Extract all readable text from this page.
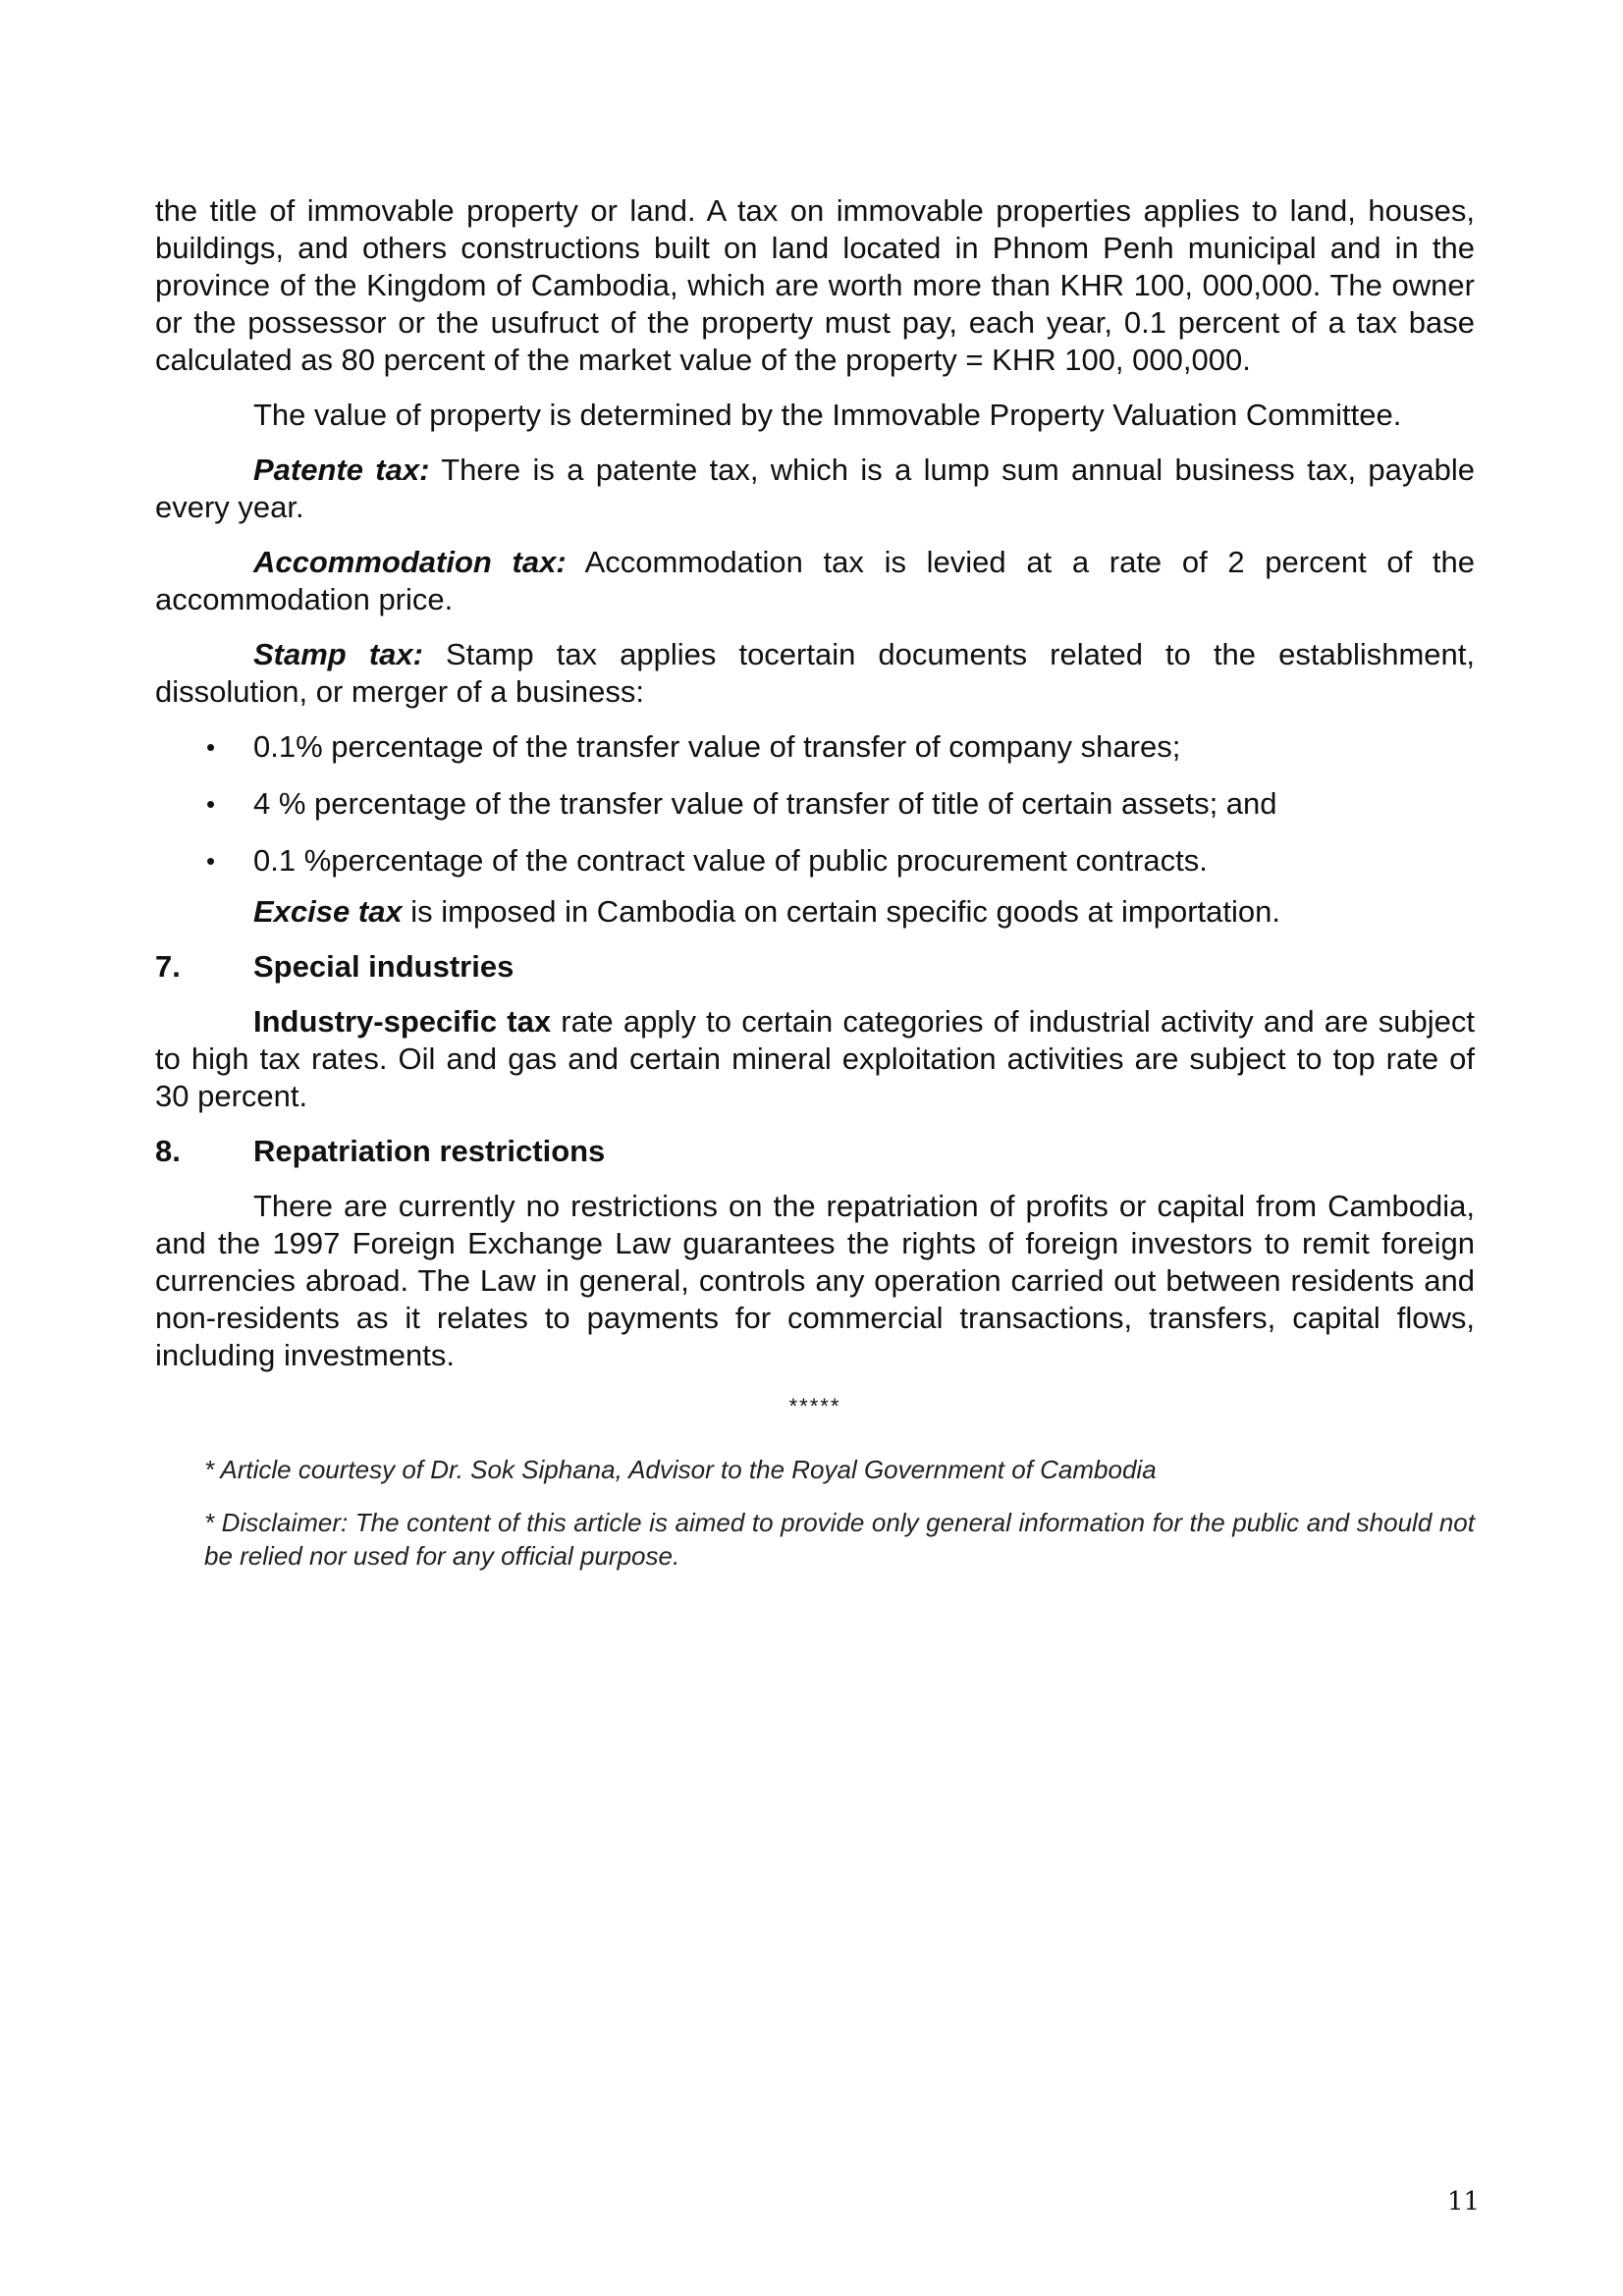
the title of immovable property or land. A tax on immovable properties applies to land, houses, buildings, and others constructions built on land located in Phnom Penh municipal and in the province of the Kingdom of Cambodia, which are worth more than KHR 100, 000,000. The owner or the possessor or the usufruct of the property must pay, each year, 0.1 percent of a tax base calculated as 80 percent of the market value of the property = KHR 100, 000,000.

The value of property is determined by the Immovable Property Valuation Committee.

Patente tax: There is a patente tax, which is a lump sum annual business tax, payable every year.

Accommodation tax: Accommodation tax is levied at a rate of 2 percent of the accommodation price.

Stamp tax: Stamp tax applies tocertain documents related to the establishment, dissolution, or merger of a business:

• 0.1% percentage of the transfer value of transfer of company shares;
• 4 % percentage of the transfer value of transfer of title of certain assets; and
• 0.1 %percentage of the contract value of public procurement contracts.

Excise tax is imposed in Cambodia on certain specific goods at importation.

7.	Special industries

Industry-specific tax rate apply to certain categories of industrial activity and are subject to high tax rates. Oil and gas and certain mineral exploitation activities are subject to top rate of 30 percent.

8.	Repatriation restrictions

There are currently no restrictions on the repatriation of profits or capital from Cambodia, and the 1997 Foreign Exchange Law guarantees the rights of foreign investors to remit foreign currencies abroad. The Law in general, controls any operation carried out between residents and non-residents as it relates to payments for commercial transactions, transfers, capital flows, including investments.

*****

* Article courtesy of Dr. Sok Siphana, Advisor to the Royal Government of Cambodia

* Disclaimer: The content of this article is aimed to provide only general information for the public and should not be relied nor used for any official purpose.

11
